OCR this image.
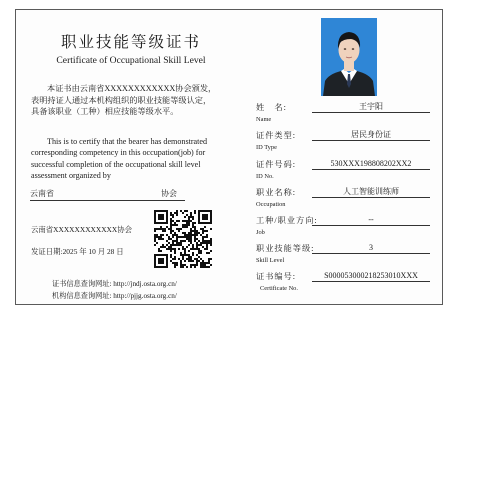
职业技能等级证书
Certificate of Occupational Skill Level
本证书由云南省XXXXXXXXXXXX协会颁发，表明持证人通过本机构组织的职业技能等级认定，具备该职业（工种）相应技能等级水平。
This is to certify that the bearer has demonstrated corresponding competency in this occupation(job) for successful completion of the occupational skill level assessment organized by
云南省	协会
云南省XXXXXXXXXXXX协会
发证日期:2025 年 10 月 28 日
证书信息查询网址: http://jndj.osta.org.cn/
机构信息查询网址: http://pjjg.osta.org.cn/
姓　名:
Name
王宇阳
证件类型:
ID Type
居民身份证
证件号码:
ID No.
530XXX198808202XX2
职业名称:
Occupation
人工智能训练师
工种/职业方向:
Job
--
职业技能等级:
Skill Level
3
证书编号:
Certificate No.
S000053000218253010XXX
